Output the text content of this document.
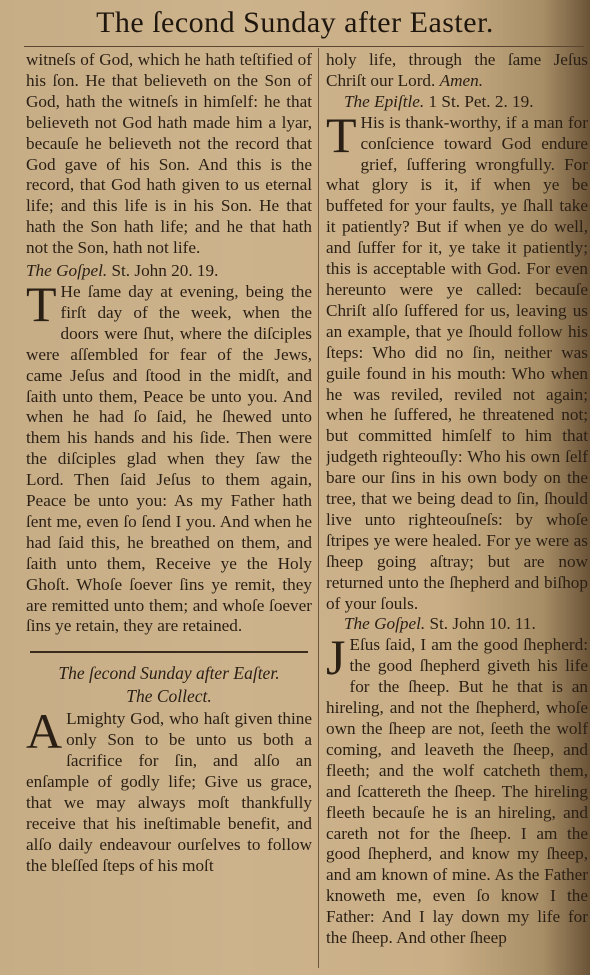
The ſecond Sunday after Easter.

witneſs of God, which he hath teſtified of his ſon. He that believeth on the Son of God, hath the witneſs in himſelf: he that believeth not God hath made him a lyar, becauſe he believeth not the record that God gave of his Son. And this is the record, that God hath given to us eternal life; and this life is in his Son. He that hath the Son hath life; and he that hath not the Son, hath not life.

The Goſpel. St. John 20. 19.

T He ſame day at evening, being the firſt day of the week, when the doors were ſhut, where the diſciples were aſſembled for fear of the Jews, came Jeſus and ſtood in the midſt, and ſaith unto them, Peace be unto you. And when he had ſo ſaid, he ſhewed unto them his hands and his ſide. Then were the diſciples glad when they ſaw the Lord. Then ſaid Jeſus to them again, Peace be unto you: As my Father hath ſent me, even ſo ſend I you. And when he had ſaid this, he breathed on them, and ſaith unto them, Receive ye the Holy Ghoſt. Whoſe ſoever ſins ye remit, they are remitted unto them; and whoſe ſoever ſins ye retain, they are retained.

The ſecond Sunday after Eaſter.

The Collect.

A Lmighty God, who haſt given thine only Son to be unto us both a ſacrifice for ſin, and alſo an enſample of godly life; Give us grace, that we may always moſt thankfully receive that his ineſtimable benefit, and alſo daily endeavour ourſelves to follow the bleſſed ſteps of his moſt

holy life, through the ſame Jeſus Chriſt our Lord. Amen.

The Epiſtle. 1 St. Pet. 2. 19.

T His is thank-worthy, if a man for conſcience toward God endure grief, ſuffering wrongfully. For what glory is it, if when ye be buffeted for your faults, ye ſhall take it patiently? But if when ye do well, and ſuffer for it, ye take it patiently; this is acceptable with God. For even hereunto were ye called: becauſe Chriſt alſo ſuffered for us, leaving us an example, that ye ſhould follow his ſteps: Who did no ſin, neither was guile found in his mouth: Who when he was reviled, reviled not again; when he ſuffered, he threatened not; but committed himſelf to him that judgeth righteouſly: Who his own ſelf bare our ſins in his own body on the tree, that we being dead to ſin, ſhould live unto righteouſneſs: by whoſe ſtripes ye were healed. For ye were as ſheep going aſtray; but are now returned unto the ſhepherd and biſhop of your ſouls.

The Goſpel. St. John 10. 11.

J Eſus ſaid, I am the good ſhepherd: the good ſhepherd giveth his life for the ſheep. But he that is an hireling, and not the ſhepherd, whoſe own the ſheep are not, ſeeth the wolf coming, and leaveth the ſheep, and fleeth; and the wolf catcheth them, and ſcattereth the ſheep. The hireling fleeth becauſe he is an hireling, and careth not for the ſheep. I am the good ſhepherd, and know my ſheep, and am known of mine. As the Father knoweth me, even ſo know I the Father: And I lay down my life for the ſheep. And other ſheep
